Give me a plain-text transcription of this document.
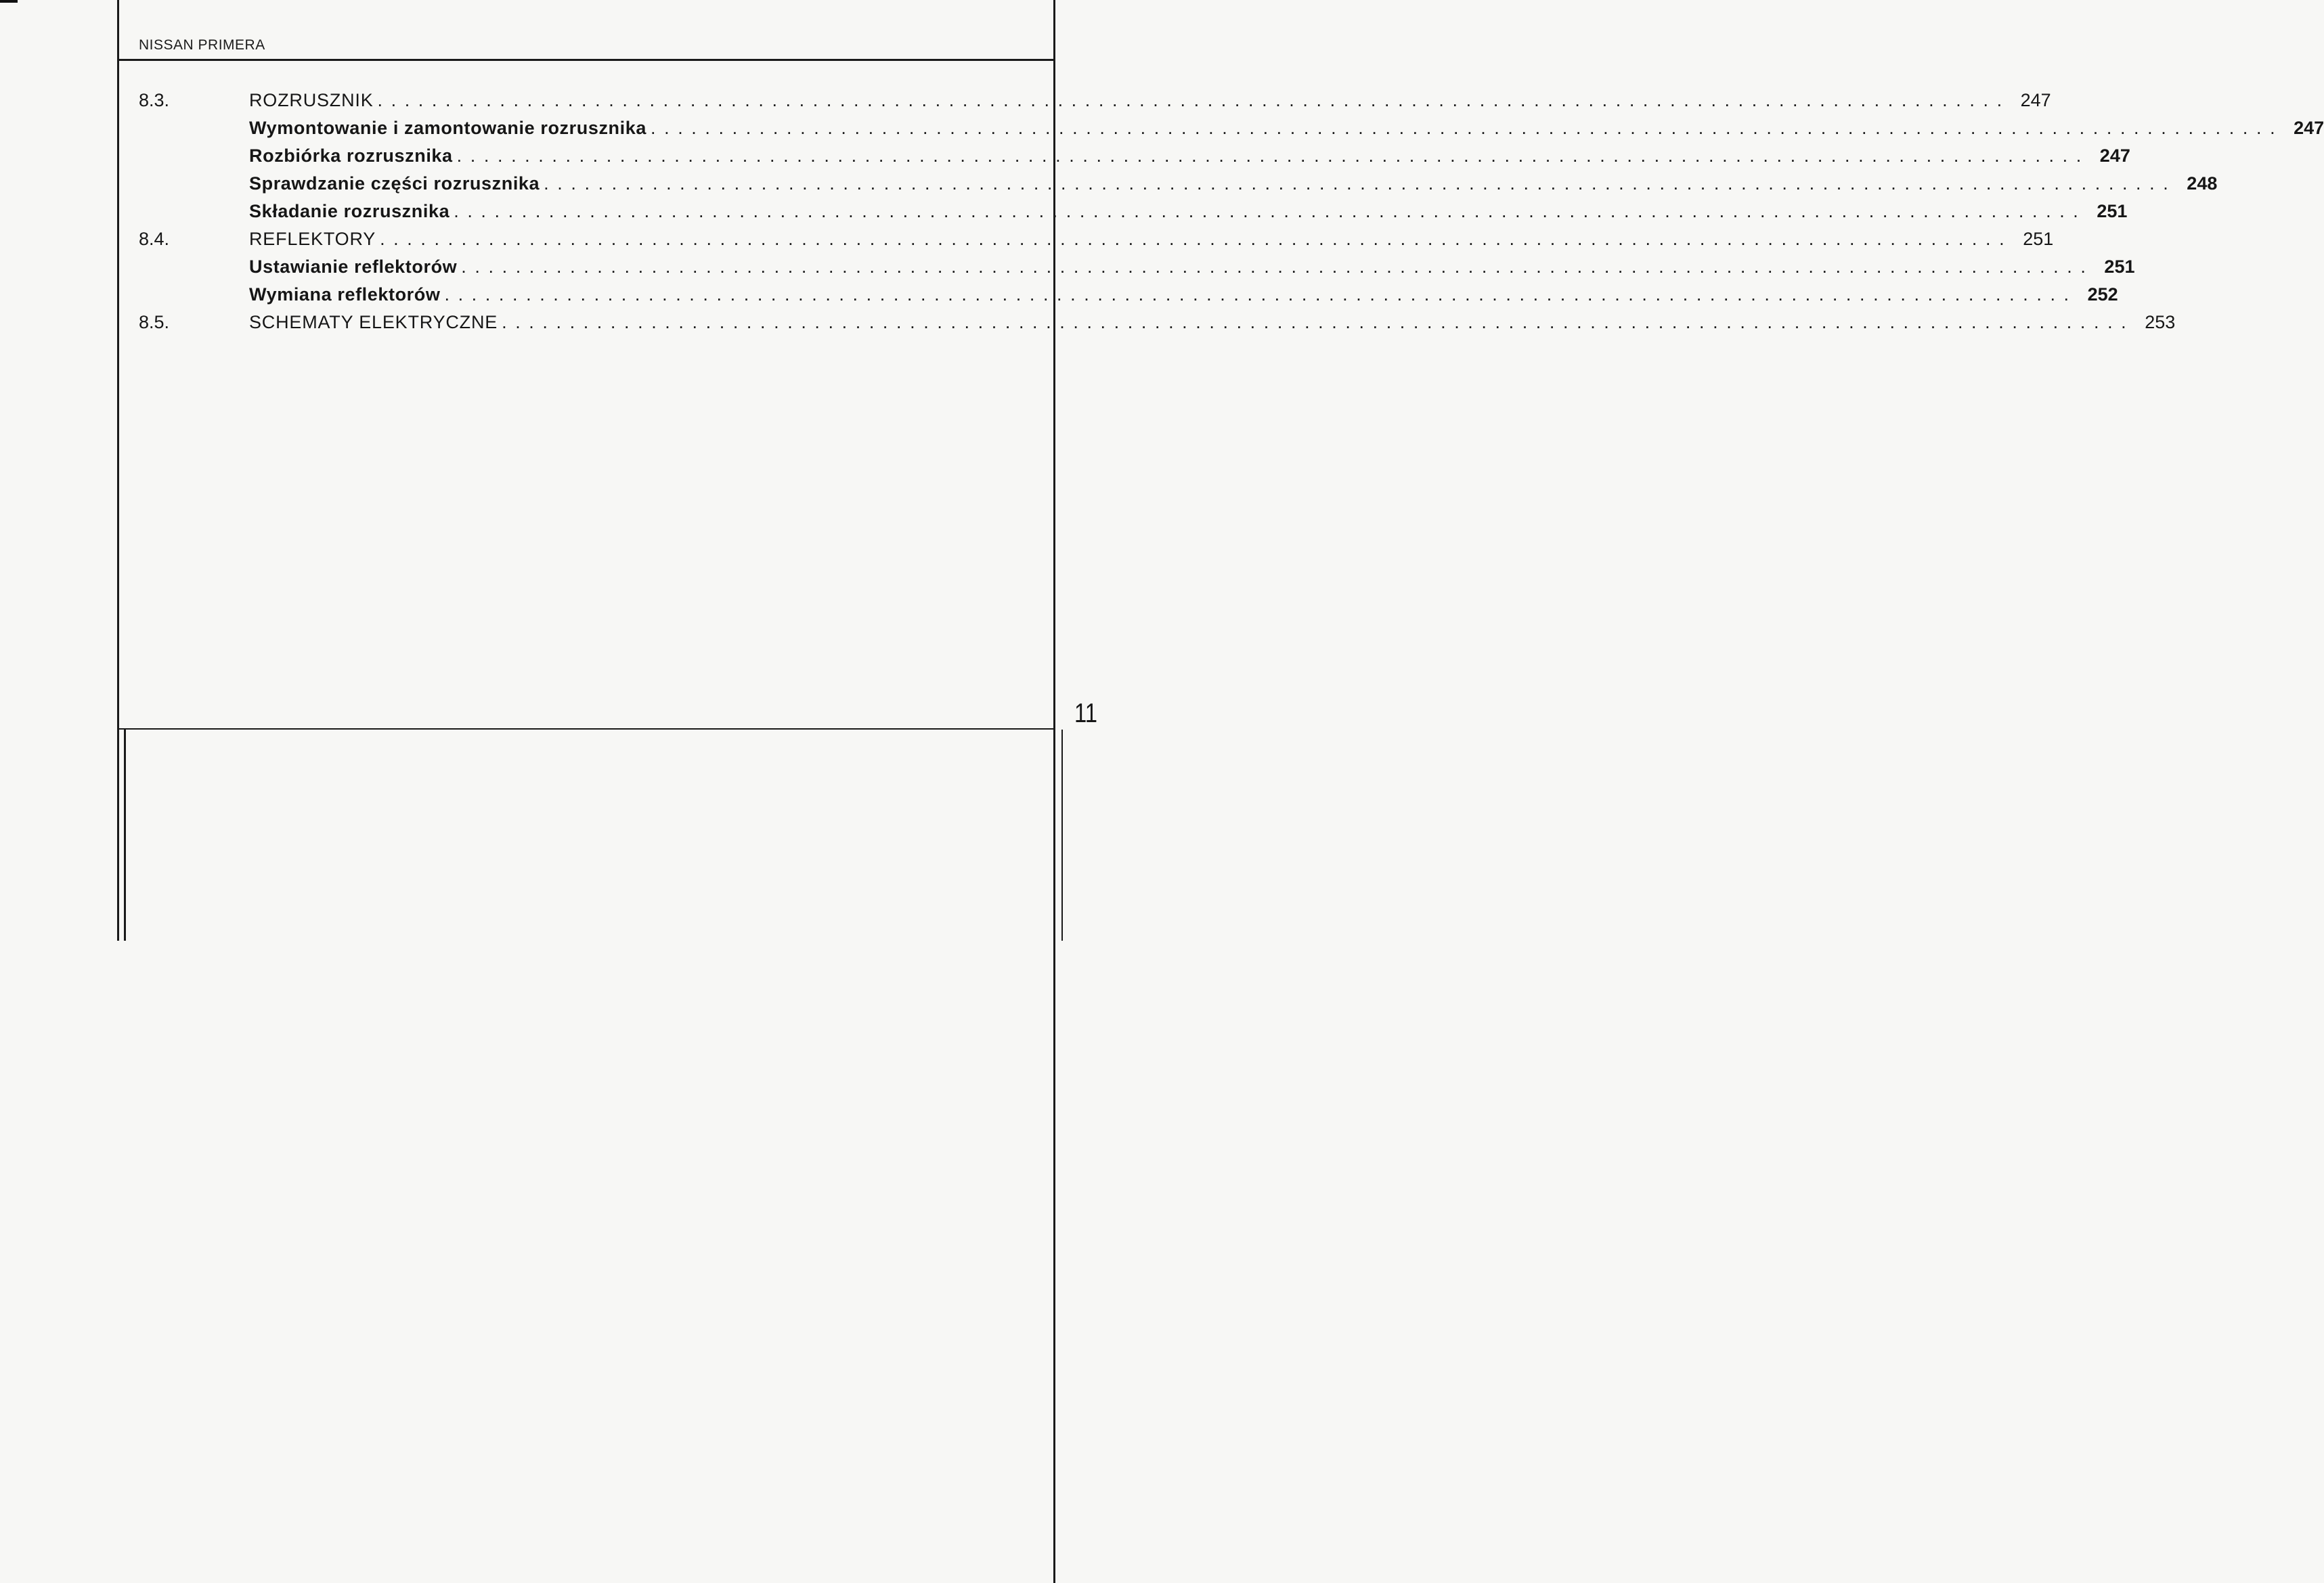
NISSAN PRIMERA
8.3.	ROZRUSZNIK ........................................................................................................................ 247
Wymontowanie i zamontowanie rozrusznika ........................................................................................................................ 247
Rozbiórka rozrusznika ........................................................................................................................ 247
Sprawdzanie części rozrusznika ........................................................................................................................ 248
Składanie rozrusznika ........................................................................................................................ 251
8.4.	REFLEKTORY ........................................................................................................................ 251
Ustawianie reflektorów ........................................................................................................................ 251
Wymiana reflektorów ........................................................................................................................ 252
8.5.	SCHEMATY ELEKTRYCZNE ........................................................................................................................ 253
11
